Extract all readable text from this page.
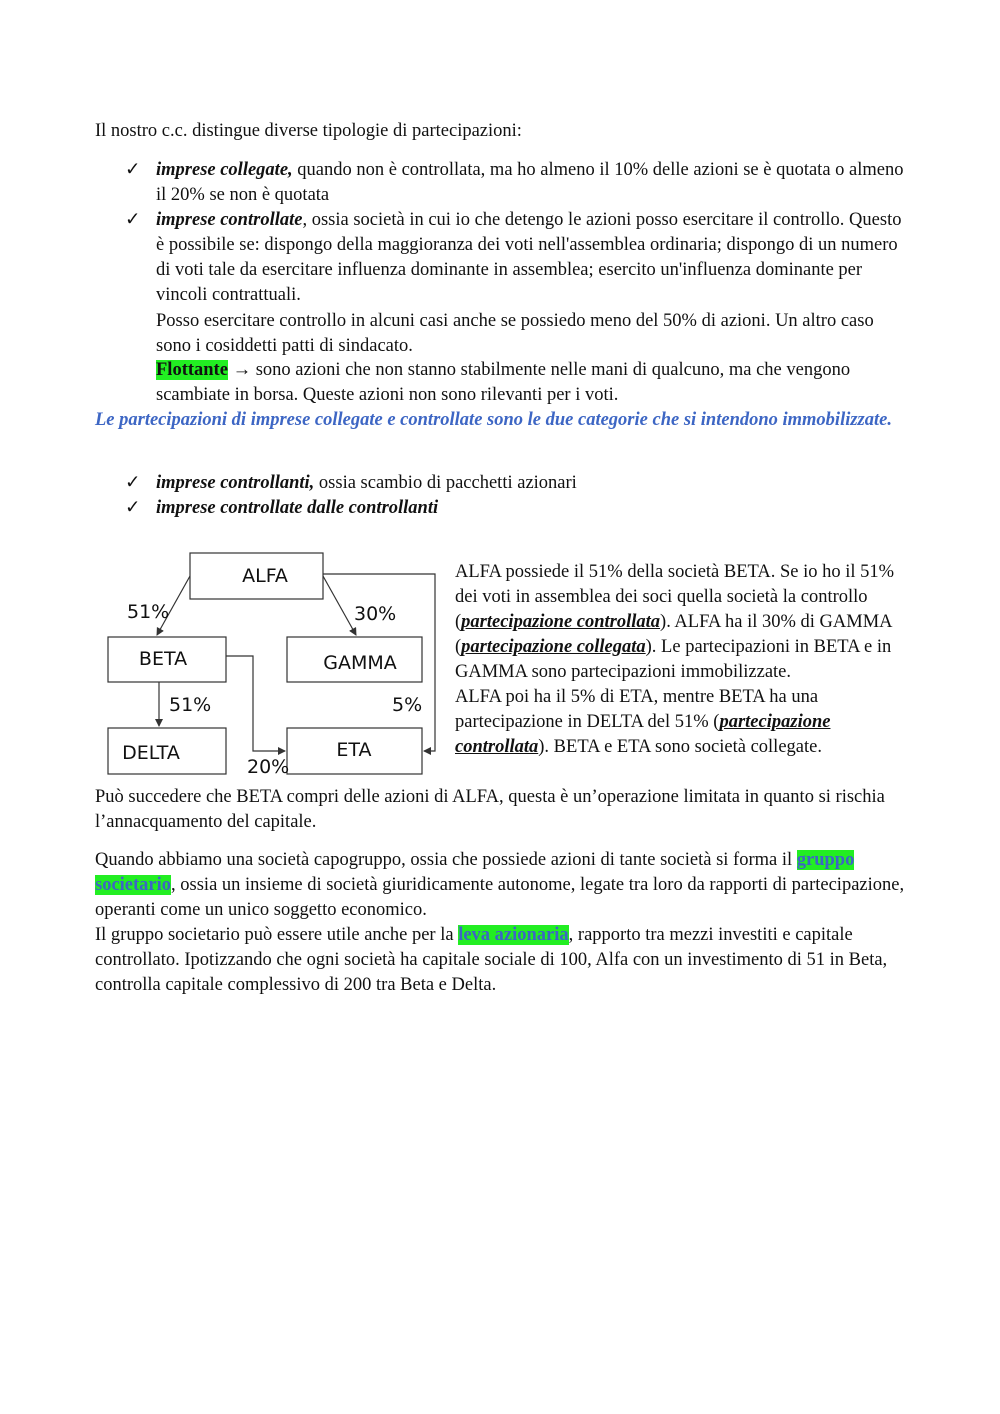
Il nostro c.c. distingue diverse tipologie di partecipazioni:

✓ imprese collegate, quando non è controllata, ma ho almeno il 10% delle azioni se è quotata o almeno il 20% se non è quotata
✓ imprese controllate, ossia società in cui io che detengo le azioni posso esercitare il controllo. Questo è possibile se: dispongo della maggioranza dei voti nell'assemblea ordinaria; dispongo di un numero di voti tale da esercitare influenza dominante in assemblea; esercito un'influenza dominante per vincoli contrattuali.

Posso esercitare controllo in alcuni casi anche se possiedo meno del 50% di azioni. Un altro caso sono i cosiddetti patti di sindacato.

Flottante → sono azioni che non stanno stabilmente nelle mani di qualcuno, ma che vengono scambiate in borsa. Queste azioni non sono rilevanti per i voti.

Le partecipazioni di imprese collegate e controllate sono le due categorie che si intendono immobilizzate.

✓ imprese controllanti, ossia scambio di pacchetti azionari
✓ imprese controllate dalle controllanti
ALFA
BETA	GAMMA
DELTA	ETA
51%	30%
51%	5%
20%
ALFA possiede il 51% della società BETA. Se io ho il 51% dei voti in assemblea dei soci quella società la controllo (partecipazione controllata). ALFA ha il 30% di GAMMA (partecipazione collegata). Le partecipazioni in BETA e in GAMMA sono partecipazioni immobilizzate.
ALFA poi ha il 5% di ETA, mentre BETA ha una partecipazione in DELTA del 51% (partecipazione controllata). BETA e ETA sono società collegate.

Può succedere che BETA compri delle azioni di ALFA, questa è un’operazione limitata in quanto si rischia l’annacquamento del capitale.

Quando abbiamo una società capogruppo, ossia che possiede azioni di tante società si forma il gruppo societario, ossia un insieme di società giuridicamente autonome, legate tra loro da rapporti di partecipazione, operanti come un unico soggetto economico.
Il gruppo societario può essere utile anche per la leva azionaria, rapporto tra mezzi investiti e capitale controllato. Ipotizzando che ogni società ha capitale sociale di 100, Alfa con un investimento di 51 in Beta, controlla capitale complessivo di 200 tra Beta e Delta.
